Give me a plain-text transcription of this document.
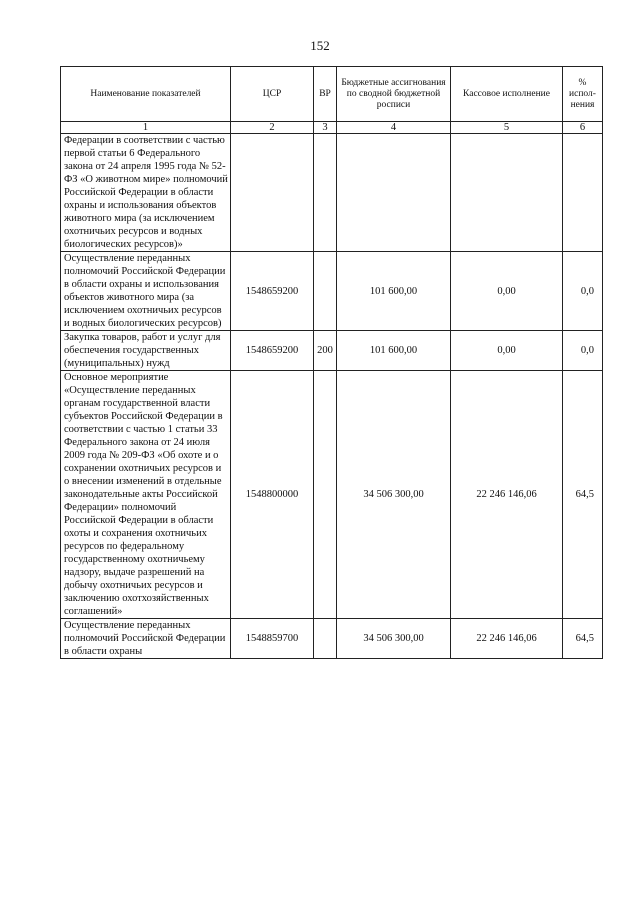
152
Наименование показателей	ЦСР	ВР	Бюджетные ассигнования по сводной бюджетной росписи	Кассовое исполнение	% испол-нения
1	2	3	4	5	6
Федерации в соответствии с частью первой статьи 6 Федерального закона от 24 апреля 1995 года № 52-ФЗ «О животном мире» полномочий Российской Федерации в области охраны и использования объектов животного мира (за исключением охотничьих ресурсов и водных биологических ресурсов)»					
Осуществление переданных полномочий Российской Федерации в области охраны и использования объектов животного мира (за исключением охотничьих ресурсов и водных биологических ресурсов)	1548659200		101 600,00	0,00	0,0
Закупка товаров, работ и услуг для обеспечения государственных (муниципальных) нужд	1548659200	200	101 600,00	0,00	0,0
Основное мероприятие «Осуществление переданных органам государственной власти субъектов Российской Федерации в соответствии с частью 1 статьи 33 Федерального закона от 24 июля 2009 года № 209-ФЗ «Об охоте и о сохранении охотничьих ресурсов и о внесении изменений в отдельные законодательные акты Российской Федерации» полномочий Российской Федерации в области охоты и сохранения охотничьих ресурсов по федеральному государственному охотничьему надзору, выдаче разрешений на добычу охотничьих ресурсов и заключению охотхозяйственных соглашений»	1548800000		34 506 300,00	22 246 146,06	64,5
Осуществление переданных полномочий Российской Федерации в области охраны	1548859700		34 506 300,00	22 246 146,06	64,5
